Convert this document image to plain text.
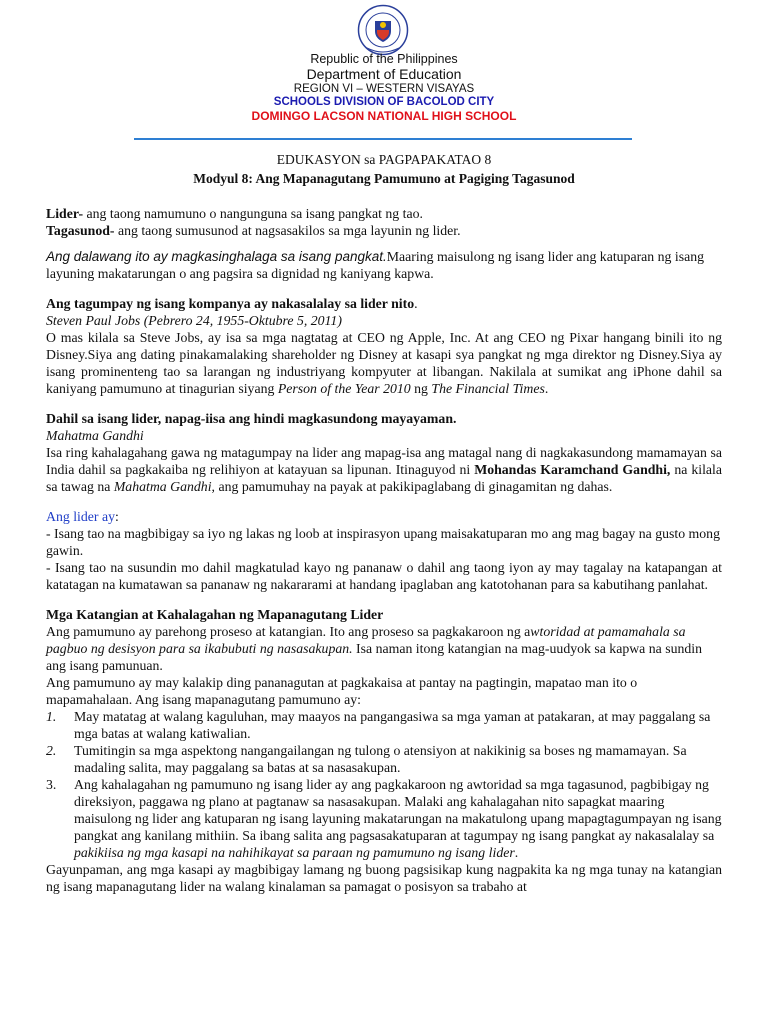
Republic of the Philippines
Department of Education
REGION VI – WESTERN VISAYAS
SCHOOLS DIVISION OF BACOLOD CITY
DOMINGO LACSON NATIONAL HIGH SCHOOL
EDUKASYON sa PAGPAPAKATAO 8
Modyul 8: Ang Mapanagutang Pamumuno at Pagiging Tagasunod

Lider- ang taong namumuno o nangunguna sa isang pangkat ng tao.

Tagasunod- ang taong sumusunod at nagsasakilos sa mga layunin ng lider.

Ang dalawang ito ay magkasinghalaga sa isang pangkat.Maaring maisulong ng isang lider ang katuparan ng isang layuning makatarungan o ang pagsira sa dignidad ng kaniyang kapwa.

Ang tagumpay ng isang kompanya ay nakasalalay sa lider nito.

Steven Paul Jobs (Pebrero 24, 1955-Oktubre 5, 2011)

O mas kilala sa Steve Jobs, ay isa sa mga nagtatag at CEO ng Apple, Inc. At ang CEO ng Pixar hangang binili ito ng Disney.Siya ang dating pinakamalaking shareholder ng Disney at kasapi sya pangkat ng mga direktor ng Disney.Siya ay isang prominenteng tao sa larangan ng industriyang kompyuter at libangan. Nakilala at sumikat ang iPhone dahil sa kaniyang pamumuno at tinagurian siyang Person of the Year 2010 ng The Financial Times.

Dahil sa isang lider, napag-iisa ang hindi magkasundong mayayaman.

Mahatma Gandhi

Isa ring kahalagahang gawa ng matagumpay na lider ang mapag-isa ang matagal nang di nagkakasundong mamamayan sa India dahil sa pagkakaiba ng relihiyon at katayuan sa lipunan. Itinaguyod ni Mohandas Karamchand Gandhi, na kilala sa tawag na Mahatma Gandhi, ang pamumuhay na payak at pakikipaglabang di ginagamitan ng dahas.

Ang lider ay:

- Isang tao na magbibigay sa iyo ng lakas ng loob at inspirasyon upang maisakatuparan mo ang mag bagay na gusto mong gawin.

- Isang tao na susundin mo dahil magkatulad kayo ng pananaw o dahil ang taong iyon ay may tagalay na katapangan at katatagan na kumatawan sa pananaw ng nakararami at handang ipaglaban ang katotohanan para sa kabutihang panlahat.

Mga Katangian at Kahalagahan ng Mapanagutang Lider

Ang pamumuno ay parehong proseso at katangian. Ito ang proseso sa pagkakaroon ng awtoridad at pamamahala sa pagbuo ng desisyon para sa ikabubuti ng nasasakupan. Isa naman itong katangian na mag-uudyok sa kapwa na sundin ang isang pamunuan.

Ang pamumuno ay may kalakip ding pananagutan at pagkakaisa at pantay na pagtingin, mapatao man ito o mapamahalaan. Ang isang mapanagutang pamumuno ay:

1. May matatag at walang kaguluhan, may maayos na pangangasiwa sa mga yaman at patakaran, at may paggalang sa mga batas at walang katiwalian.
2. Tumitingin sa mga aspektong nangangailangan ng tulong o atensiyon at nakikinig sa boses ng mamamayan. Sa madaling salita, may paggalang sa batas at sa nasasakupan.
3. Ang kahalagahan ng pamumuno ng isang lider ay ang pagkakaroon ng awtoridad sa mga tagasunod, pagbibigay ng direksiyon, paggawa ng plano at pagtanaw sa nasasakupan. Malaki ang kahalagahan nito sapagkat maaring maisulong ng lider ang katuparan ng isang layuning makatarungan na makatulong upang mapagtagumpayan ng isang pangkat ang kanilang mithiin. Sa ibang salita ang pagsasakatuparan at tagumpay ng isang pangkat ay nakasalalay sa pakikiisa ng mga kasapi na nahihikayat sa paraan ng pamumuno ng isang lider.

Gayunpaman, ang mga kasapi ay magbibigay lamang ng buong pagsisikap kung nagpakita ka ng mga tunay na katangian ng isang mapanagutang lider na walang kinalaman sa pamagat o posisyon sa trabaho at
